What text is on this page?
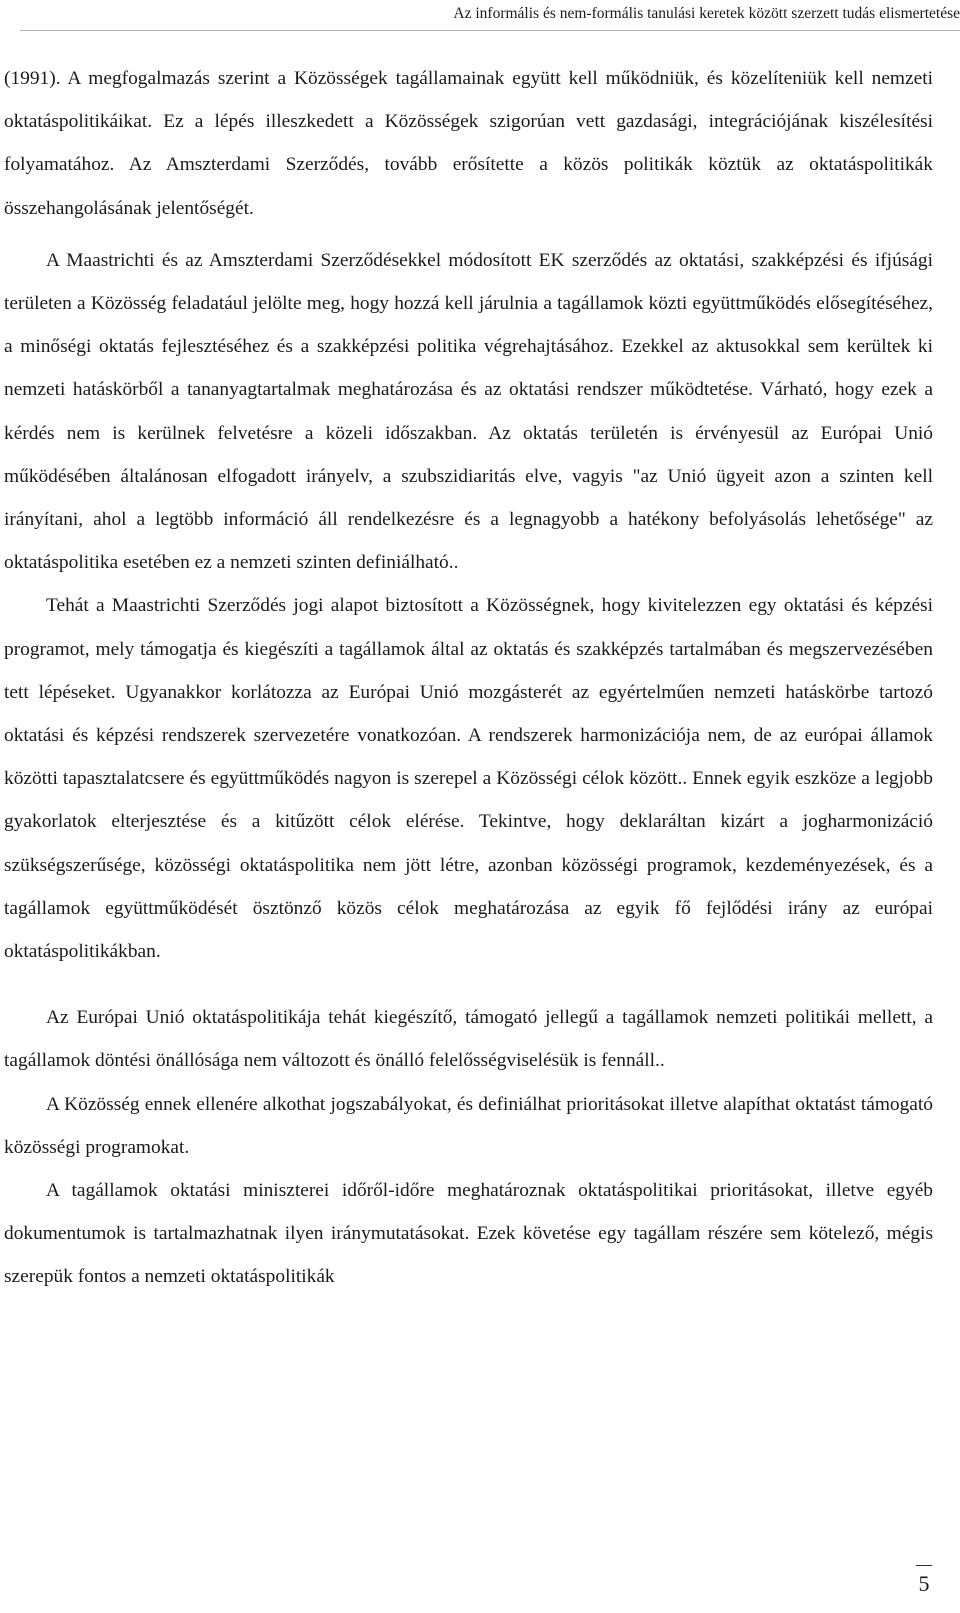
Az informális és nem-formális tanulási keretek között szerzett tudás elismertetése

(1991). A megfogalmazás szerint a Közösségek tagállamainak együtt kell működniük, és közelíteniük kell nemzeti oktatáspolitikáikat. Ez a lépés illeszkedett a Közösségek szigorúan vett gazdasági, integrációjának kiszélesítési folyamatához. Az Amszterdami Szerződés, tovább erősítette a közös politikák köztük az oktatáspolitikák összehangolásának jelentőségét.

A Maastrichti és az Amszterdami Szerződésekkel módosított EK szerződés az oktatási, szakképzési és ifjúsági területen a Közösség feladatául jelölte meg, hogy hozzá kell járulnia a tagállamok közti együttműködés elősegítéséhez, a minőségi oktatás fejlesztéséhez és a szakképzési politika végrehajtásához. Ezekkel az aktusokkal sem kerültek ki nemzeti hatáskörből a tananyagtartalmak meghatározása és az oktatási rendszer működtetése. Várható, hogy ezek a kérdés nem is kerülnek felvetésre a közeli időszakban. Az oktatás területén is érvényesül az Európai Unió működésében általánosan elfogadott irányelv, a szubszidiaritás elve, vagyis "az Unió ügyeit azon a szinten kell irányítani, ahol a legtöbb információ áll rendelkezésre és a legnagyobb a hatékony befolyásolás lehetősége" az oktatáspolitika esetében ez a nemzeti szinten definiálható..

Tehát a Maastrichti Szerződés jogi alapot biztosított a Közösségnek, hogy kivitelezzen egy oktatási és képzési programot, mely támogatja és kiegészíti a tagállamok által az oktatás és szakképzés tartalmában és megszervezésében tett lépéseket. Ugyanakkor korlátozza az Európai Unió mozgásterét az egyértelműen nemzeti hatáskörbe tartozó oktatási és képzési rendszerek szervezetére vonatkozóan. A rendszerek harmonizációja nem, de az európai államok közötti tapasztalatcsere és együttműködés nagyon is szerepel a Közösségi célok között.. Ennek egyik eszköze a legjobb gyakorlatok elterjesztése és a kitűzött célok elérése. Tekintve, hogy deklaráltan kizárt a jogharmonizáció szükségszerűsége, közösségi oktatáspolitika nem jött létre, azonban közösségi programok, kezdeményezések, és a tagállamok együttműködését ösztönző közös célok meghatározása az egyik fő fejlődési irány az európai oktatáspolitikákban.

Az Európai Unió oktatáspolitikája tehát kiegészítő, támogató jellegű a tagállamok nemzeti politikái mellett, a tagállamok döntési önállósága nem változott és önálló felelősségviselésük is fennáll..

A Közösség ennek ellenére alkothat jogszabályokat, és definiálhat prioritásokat illetve alapíthat oktatást támogató közösségi programokat.

A tagállamok oktatási miniszterei időről-időre meghatároznak oktatáspolitikai prioritásokat, illetve egyéb dokumentumok is tartalmazhatnak ilyen iránymutatásokat. Ezek követése egy tagállam részére sem kötelező, mégis szerepük fontos a nemzeti oktatáspolitikák

5
